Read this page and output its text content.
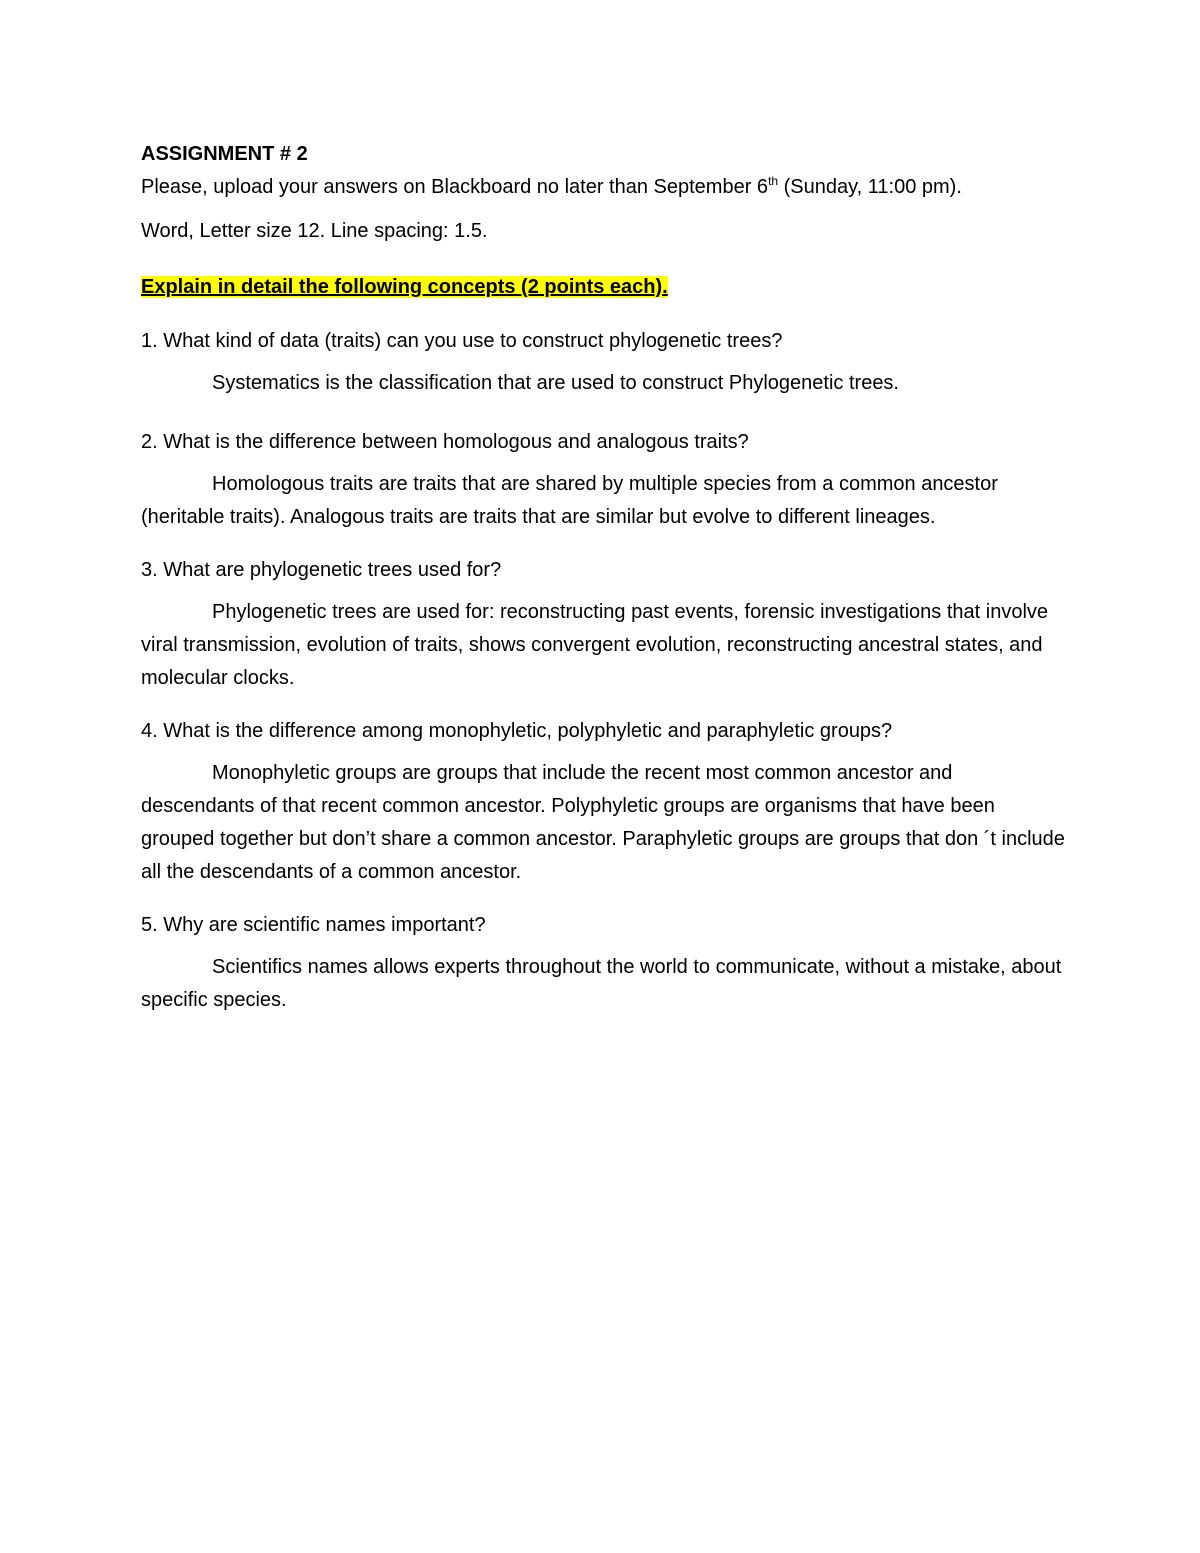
ASSIGNMENT # 2

Please, upload your answers on Blackboard no later than September 6th (Sunday, 11:00 pm).

Word, Letter size 12. Line spacing: 1.5.

Explain in detail the following concepts (2 points each).

1. What kind of data (traits) can you use to construct phylogenetic trees?

Systematics is the classification that are used to construct Phylogenetic trees.

2. What is the difference between homologous and analogous traits?

Homologous traits are traits that are shared by multiple species from a common ancestor (heritable traits). Analogous traits are traits that are similar but evolve to different lineages.

3. What are phylogenetic trees used for?

Phylogenetic trees are used for: reconstructing past events, forensic investigations that involve viral transmission, evolution of traits, shows convergent evolution, reconstructing ancestral states, and molecular clocks.

4. What is the difference among monophyletic, polyphyletic and paraphyletic groups?

Monophyletic groups are groups that include the recent most common ancestor and descendants of that recent common ancestor. Polyphyletic groups are organisms that have been grouped together but don’t share a common ancestor. Paraphyletic groups are groups that don ´t include all the descendants of a common ancestor.

5. Why are scientific names important?

Scientifics names allows experts throughout the world to communicate, without a mistake, about specific species.
